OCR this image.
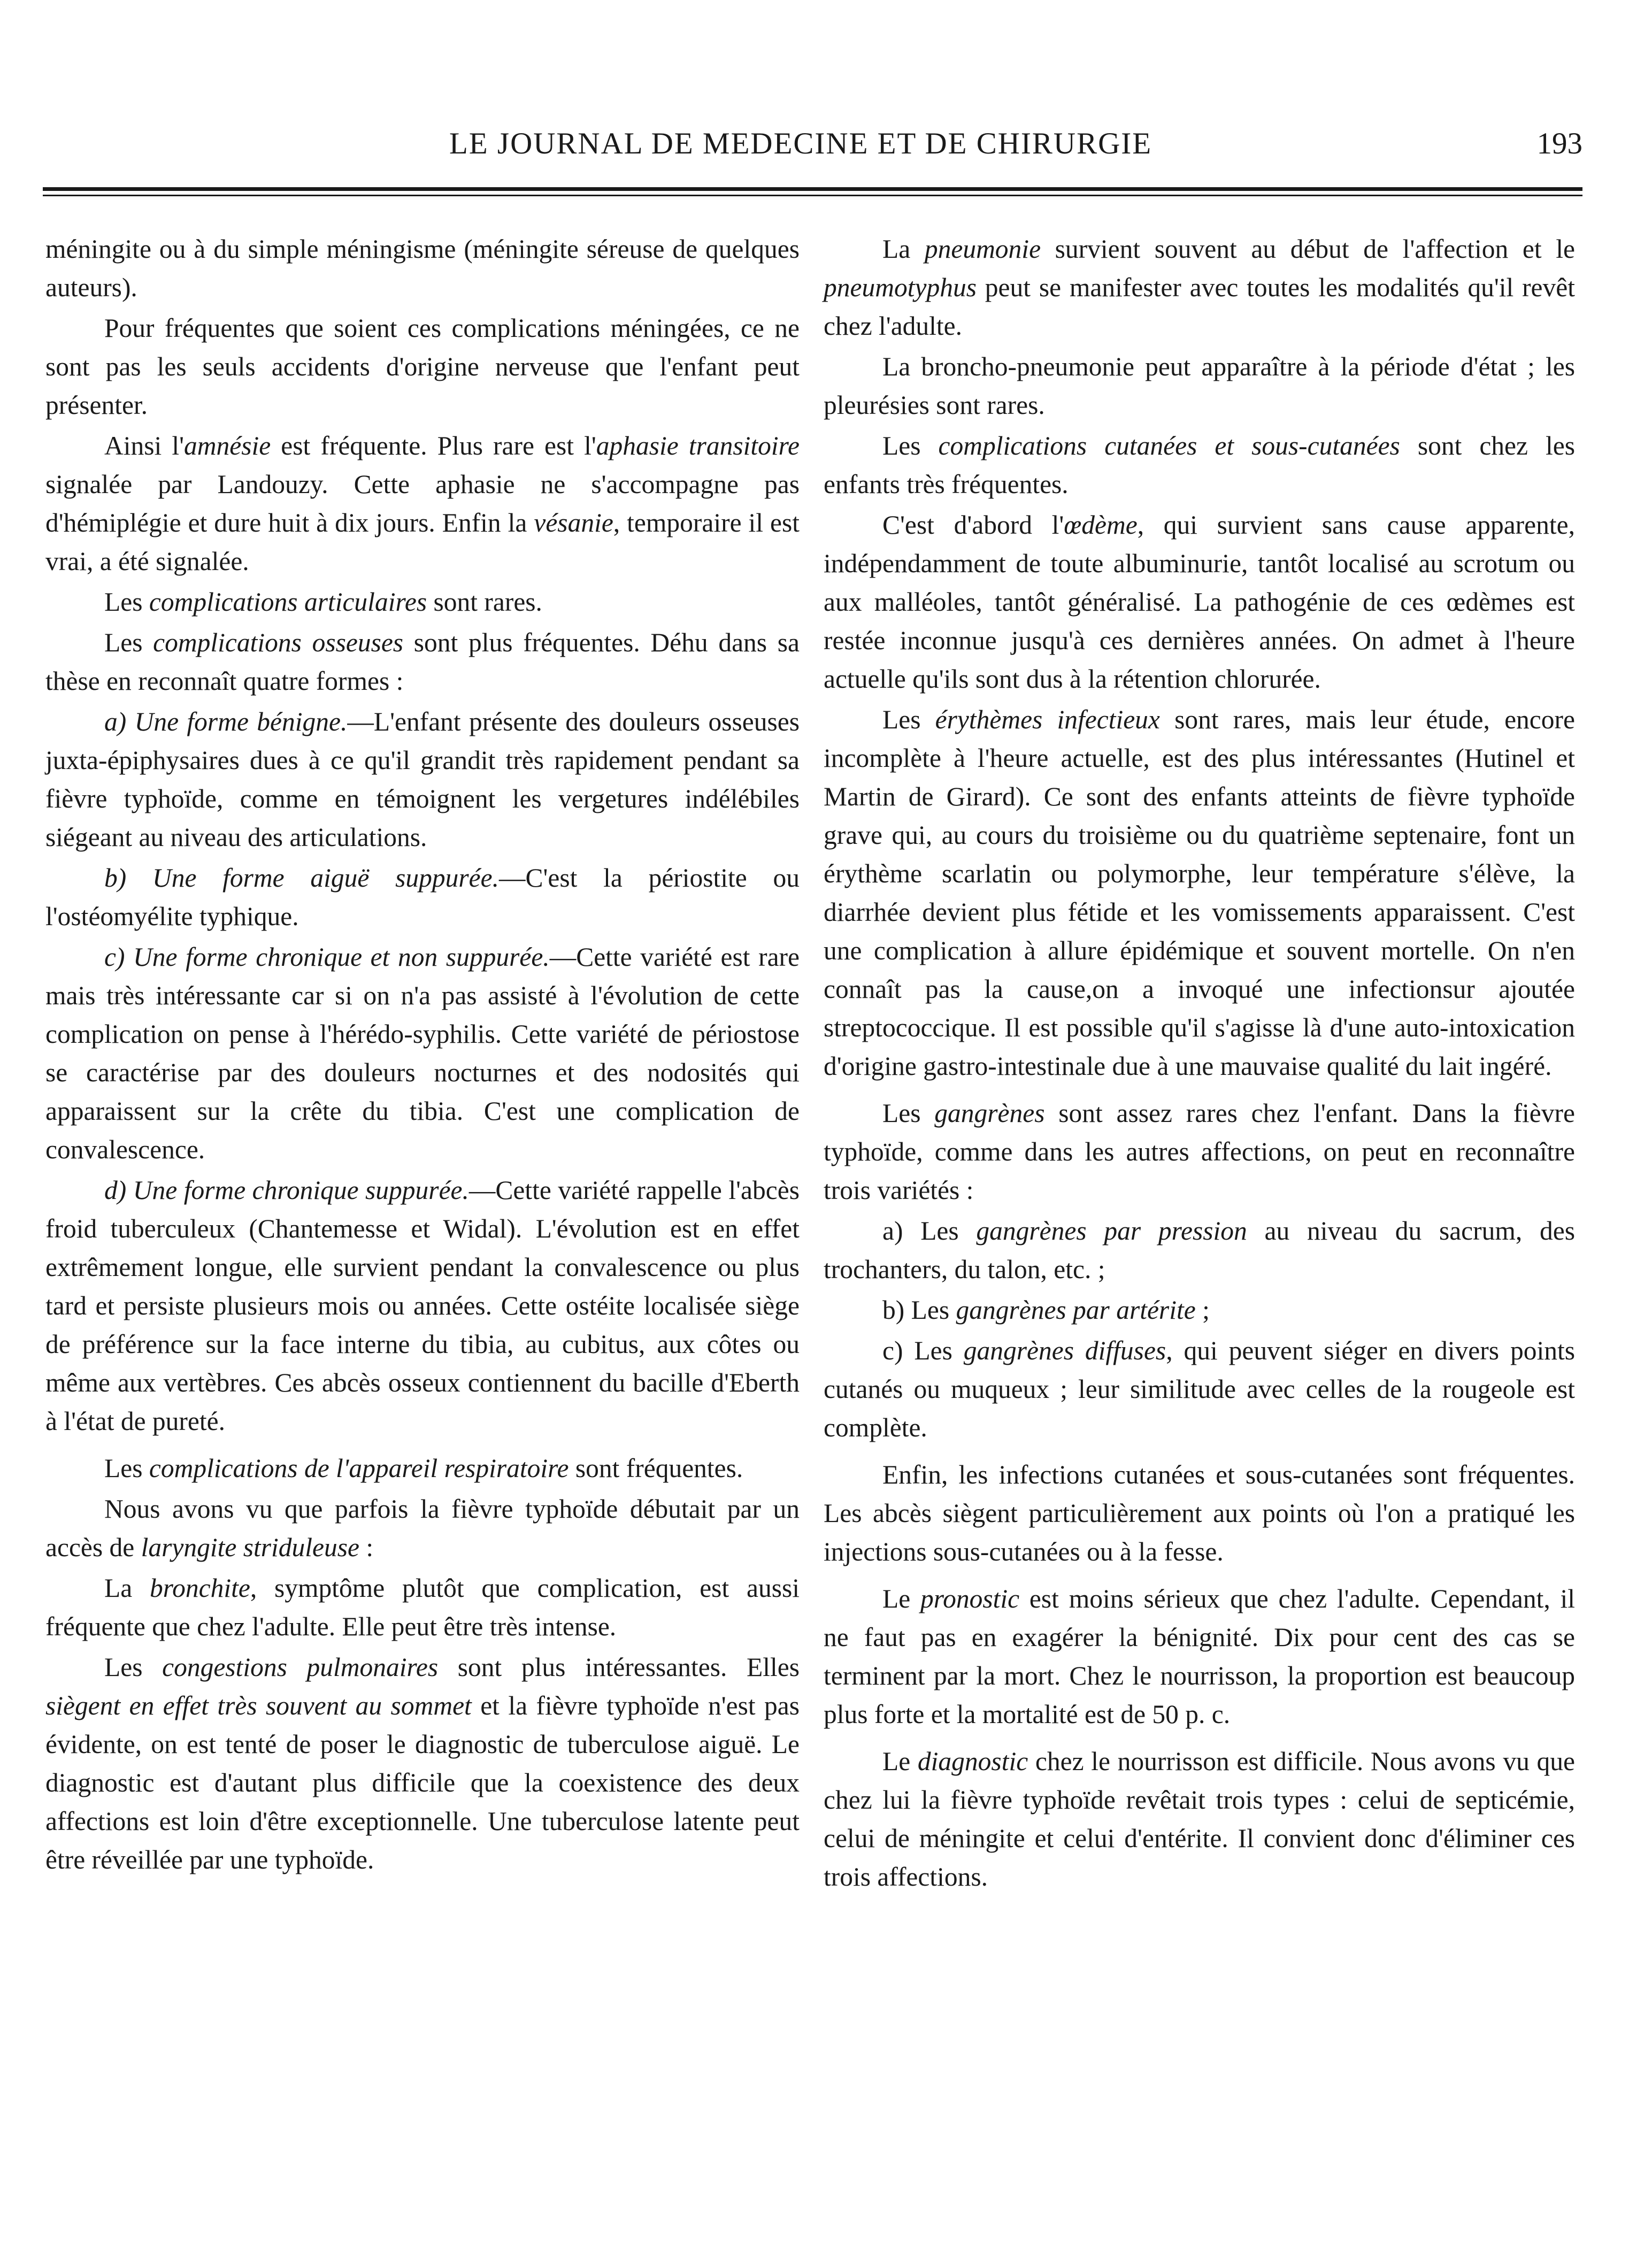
LE JOURNAL DE MEDECINE ET DE CHIRURGIE	193

méningite ou à du simple méningisme (méningite séreuse de quelques auteurs).

Pour fréquentes que soient ces complications méningées, ce ne sont pas les seuls accidents d'origine nerveuse que l'enfant peut présenter.

Ainsi l'amnésie est fréquente. Plus rare est l'aphasie transitoire signalée par Landouzy. Cette aphasie ne s'accompagne pas d'hémiplégie et dure huit à dix jours. Enfin la vésanie, temporaire il est vrai, a été signalée.

Les complications articulaires sont rares.

Les complications osseuses sont plus fréquentes. Déhu dans sa thèse en reconnaît quatre formes :

a) Une forme bénigne.—L'enfant présente des douleurs osseuses juxta-épiphysaires dues à ce qu'il grandit très rapidement pendant sa fièvre typhoïde, comme en témoignent les vergetures indélébiles siégeant au niveau des articulations.

b) Une forme aiguë suppurée.—C'est la périostite ou l'ostéomyélite typhique.

c) Une forme chronique et non suppurée.—Cette variété est rare mais très intéressante car si on n'a pas assisté à l'évolution de cette complication on pense à l'hérédo-syphilis. Cette variété de périostose se caractérise par des douleurs nocturnes et des nodosités qui apparaissent sur la crête du tibia. C'est une complication de convalescence.

d) Une forme chronique suppurée.—Cette variété rappelle l'abcès froid tuberculeux (Chantemesse et Widal). L'évolution est en effet extrêmement longue, elle survient pendant la convalescence ou plus tard et persiste plusieurs mois ou années. Cette ostéite localisée siège de préférence sur la face interne du tibia, au cubitus, aux côtes ou même aux vertèbres. Ces abcès osseux contiennent du bacille d'Eberth à l'état de pureté.

Les complications de l'appareil respiratoire sont fréquentes.

Nous avons vu que parfois la fièvre typhoïde débutait par un accès de laryngite striduleuse :

La bronchite, symptôme plutôt que complication, est aussi fréquente que chez l'adulte. Elle peut être très intense.

Les congestions pulmonaires sont plus intéressantes. Elles siègent en effet très souvent au sommet et la fièvre typhoïde n'est pas évidente, on est tenté de poser le diagnostic de tuberculose aiguë. Le diagnostic est d'autant plus difficile que la coexistence des deux affections est loin d'être exceptionnelle. Une tuberculose latente peut être réveillée par une typhoïde.

La pneumonie survient souvent au début de l'affection et le pneumotyphus peut se manifester avec toutes les modalités qu'il revêt chez l'adulte.

La broncho-pneumonie peut apparaître à la période d'état ; les pleurésies sont rares.

Les complications cutanées et sous-cutanées sont chez les enfants très fréquentes.

C'est d'abord l'œdème, qui survient sans cause apparente, indépendamment de toute albuminurie, tantôt localisé au scrotum ou aux malléoles, tantôt généralisé. La pathogénie de ces œdèmes est restée inconnue jusqu'à ces dernières années. On admet à l'heure actuelle qu'ils sont dus à la rétention chlorurée.

Les érythèmes infectieux sont rares, mais leur étude, encore incomplète à l'heure actuelle, est des plus intéressantes (Hutinel et Martin de Girard). Ce sont des enfants atteints de fièvre typhoïde grave qui, au cours du troisième ou du quatrième septenaire, font un érythème scarlatin ou polymorphe, leur température s'élève, la diarrhée devient plus fétide et les vomissements apparaissent. C'est une complication à allure épidémique et souvent mortelle. On n'en connaît pas la cause,on a invoqué une infectionsur ajoutée streptococcique. Il est possible qu'il s'agisse là d'une auto-intoxication d'origine gastro-intestinale due à une mauvaise qualité du lait ingéré.

Les gangrènes sont assez rares chez l'enfant. Dans la fièvre typhoïde, comme dans les autres affections, on peut en reconnaître trois variétés :

a) Les gangrènes par pression au niveau du sacrum, des trochanters, du talon, etc. ;

b) Les gangrènes par artérite ;

c) Les gangrènes diffuses, qui peuvent siéger en divers points cutanés ou muqueux ; leur similitude avec celles de la rougeole est complète.

Enfin, les infections cutanées et sous-cutanées sont fréquentes. Les abcès siègent particulièrement aux points où l'on a pratiqué les injections sous-cutanées ou à la fesse.

Le pronostic est moins sérieux que chez l'adulte. Cependant, il ne faut pas en exagérer la bénignité. Dix pour cent des cas se terminent par la mort. Chez le nourrisson, la proportion est beaucoup plus forte et la mortalité est de 50 p. c.

Le diagnostic chez le nourrisson est difficile. Nous avons vu que chez lui la fièvre typhoïde revêtait trois types : celui de septicémie, celui de méningite et celui d'entérite. Il convient donc d'éliminer ces trois affections.
